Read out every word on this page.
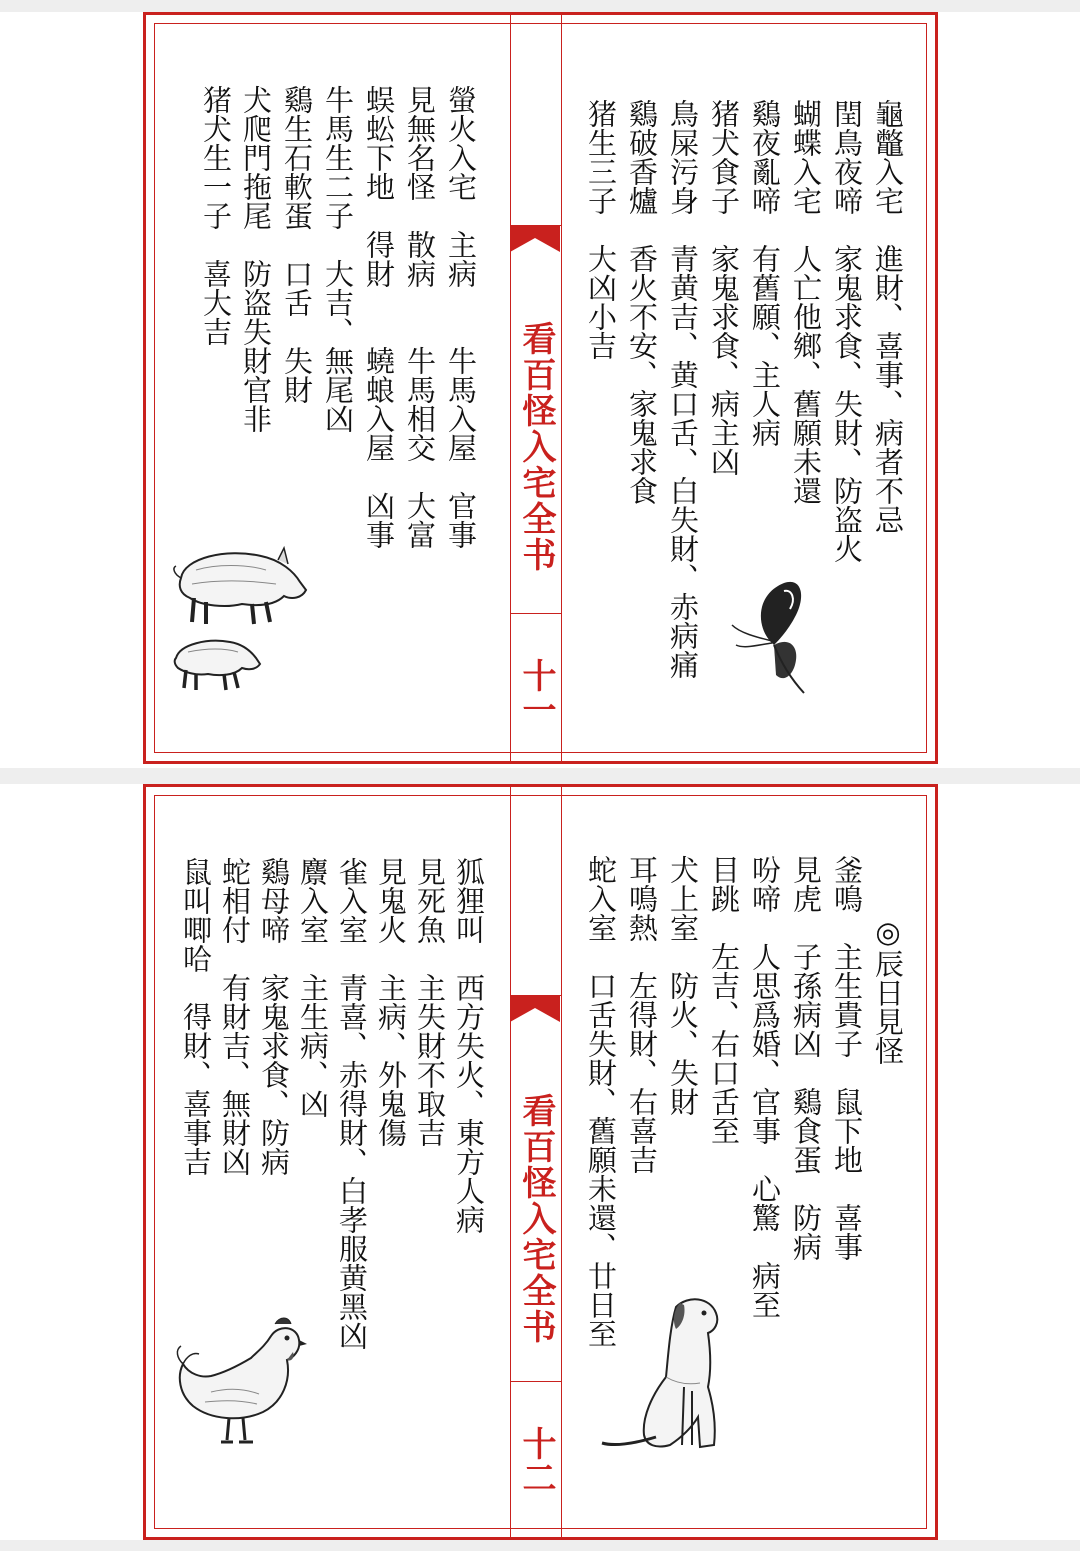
看百怪入宅全书
十一
龜鼈入宅　進財、喜事、病者不忌
閏鳥夜啼　家鬼求食、失財、防盗火
蝴蝶入宅　人亡他鄉、舊願未還
鷄夜亂啼　有舊願、主人病
猪犬食子　家鬼求食、病主凶
鳥屎污身　青黄吉、黄口舌、白失財、赤病痛
鷄破香爐　香火不安、家鬼求食
猪生三子　大凶小吉
螢火入宅　主病　　牛馬入屋　官事
見無名怪　散病　　牛馬相交　大富
蜈蚣下地　得財　　蟯蜋入屋　凶事
牛馬生二子　大吉、無尾凶
鷄生石軟蛋　口舌　失財
犬爬門拖尾　防盗失財官非
猪犬生一子　喜大吉
看百怪入宅全书
十二
◎辰日見怪
釜鳴　主生貴子　鼠下地　喜事
見虎　子孫病凶　鷄食蛋　防病
吩啼　人思爲婚、官事　心驚　病至
目跳　左吉、右口舌至
犬上室　防火、失財
耳鳴熱　左得財、右喜吉
蛇入室　口舌失財、舊願未還、廿日至
狐狸叫　西方失火、東方人病
見死魚　主失財不取吉
見鬼火　主病、外鬼傷
雀入室　青喜、赤得財、白孝服黄黑凶
麖入室　主生病、凶
鷄母啼　家鬼求食、防病
蛇相付　有財吉、無財凶
鼠叫唧哈　得財、喜事吉
